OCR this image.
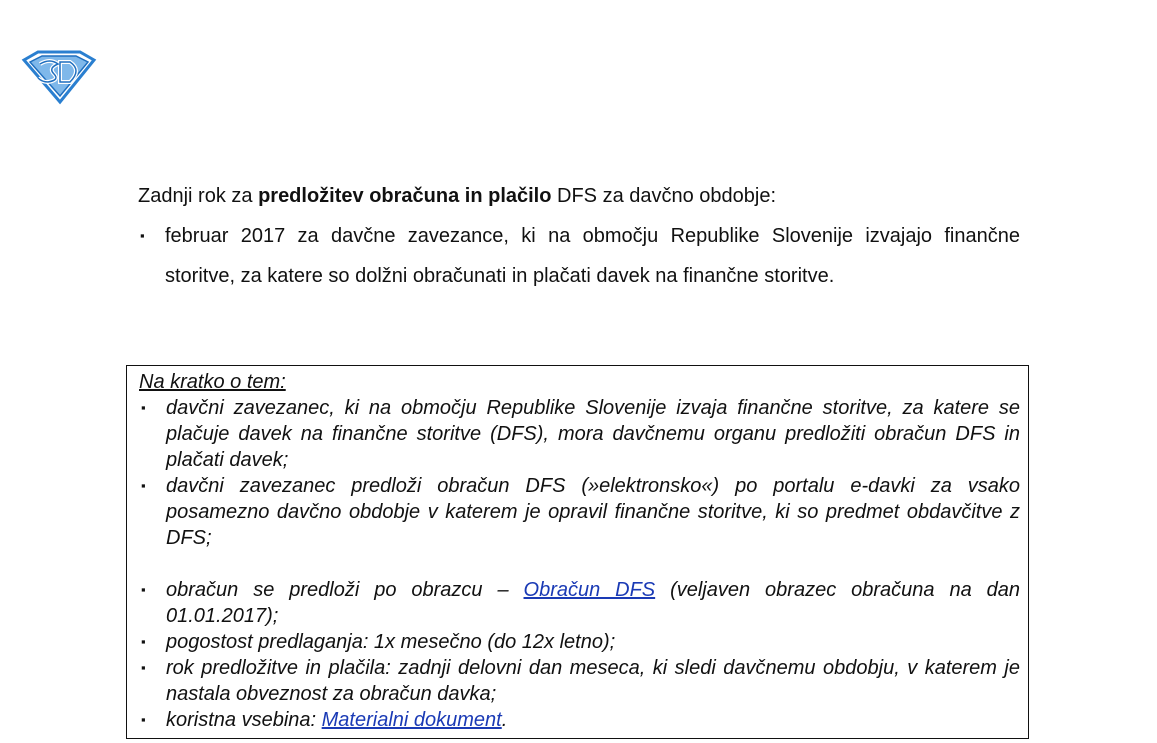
Zadnji rok za predložitev obračuna in plačilo DFS za davčno obdobje:

▪ februar 2017 za davčne zavezance, ki na območju Republike Slovenije izvajajo finančne storitve, za katere so dolžni obračunati in plačati davek na finančne storitve.
Na kratko o tem:
▪ davčni zavezanec, ki na območju Republike Slovenije izvaja finančne storitve, za katere se plačuje davek na finančne storitve (DFS), mora davčnemu organu predložiti obračun DFS in plačati davek;
▪ davčni zavezanec predloži obračun DFS (»elektronsko«) po portalu e-davki za vsako posamezno davčno obdobje v katerem je opravil finančne storitve, ki so predmet obdavčitve z DFS;
▪ obračun se predloži po obrazcu – Obračun DFS (veljaven obrazec obračuna na dan 01.01.2017);
▪ pogostost predlaganja: 1x mesečno (do 12x letno);
▪ rok predložitve in plačila: zadnji delovni dan meseca, ki sledi davčnemu obdobju, v katerem je nastala obveznost za obračun davka;
▪ koristna vsebina: Materialni dokument.
